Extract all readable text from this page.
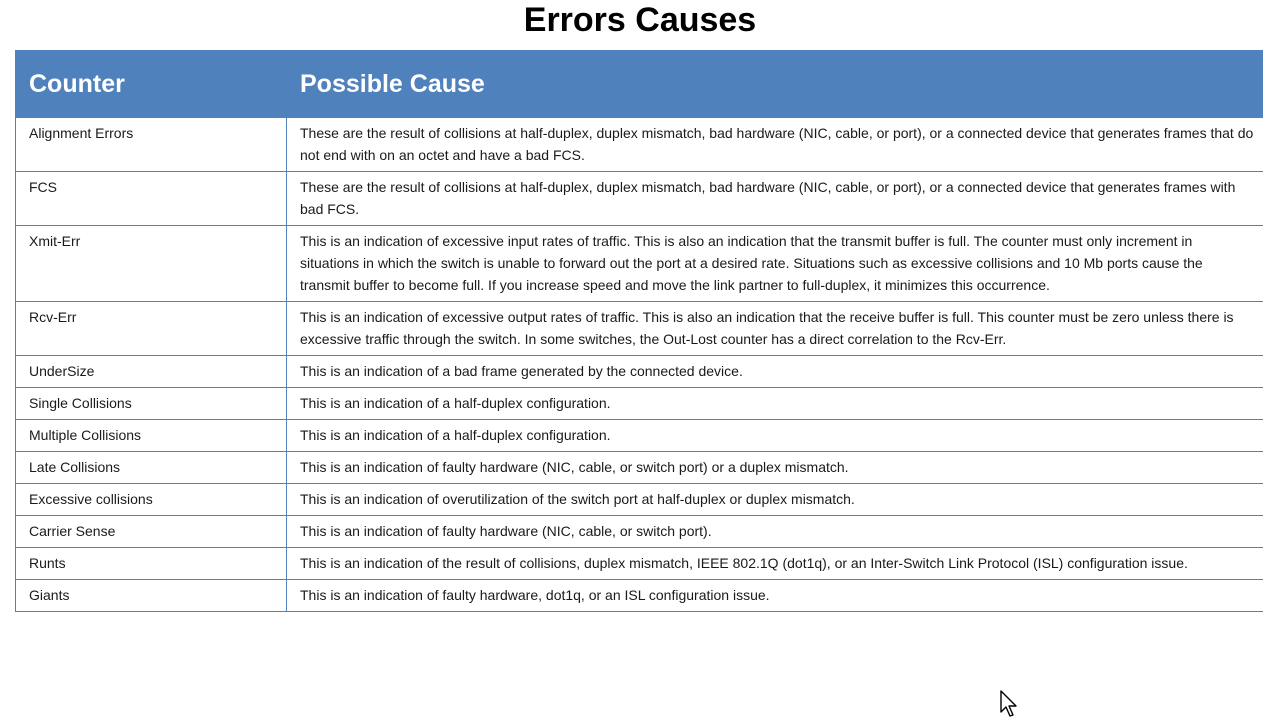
Errors Causes
Counter	Possible Cause
Alignment Errors	These are the result of collisions at half-duplex, duplex mismatch, bad hardware (NIC, cable, or port), or a connected device that generates frames that do not end with on an octet and have a bad FCS.
FCS	These are the result of collisions at half-duplex, duplex mismatch, bad hardware (NIC, cable, or port), or a connected device that generates frames with bad FCS.
Xmit-Err	This is an indication of excessive input rates of traffic. This is also an indication that the transmit buffer is full. The counter must only increment in situations in which the switch is unable to forward out the port at a desired rate. Situations such as excessive collisions and 10 Mb ports cause the transmit buffer to become full. If you increase speed and move the link partner to full-duplex, it minimizes this occurrence.
Rcv-Err	This is an indication of excessive output rates of traffic. This is also an indication that the receive buffer is full. This counter must be zero unless there is excessive traffic through the switch. In some switches, the Out-Lost counter has a direct correlation to the Rcv-Err.
UnderSize	This is an indication of a bad frame generated by the connected device.
Single Collisions	This is an indication of a half-duplex configuration.
Multiple Collisions	This is an indication of a half-duplex configuration.
Late Collisions	This is an indication of faulty hardware (NIC, cable, or switch port) or a duplex mismatch.
Excessive collisions	This is an indication of overutilization of the switch port at half-duplex or duplex mismatch.
Carrier Sense	This is an indication of faulty hardware (NIC, cable, or switch port).
Runts	This is an indication of the result of collisions, duplex mismatch, IEEE 802.1Q (dot1q), or an Inter-Switch Link Protocol (ISL) configuration issue.
Giants	This is an indication of faulty hardware, dot1q, or an ISL configuration issue.
